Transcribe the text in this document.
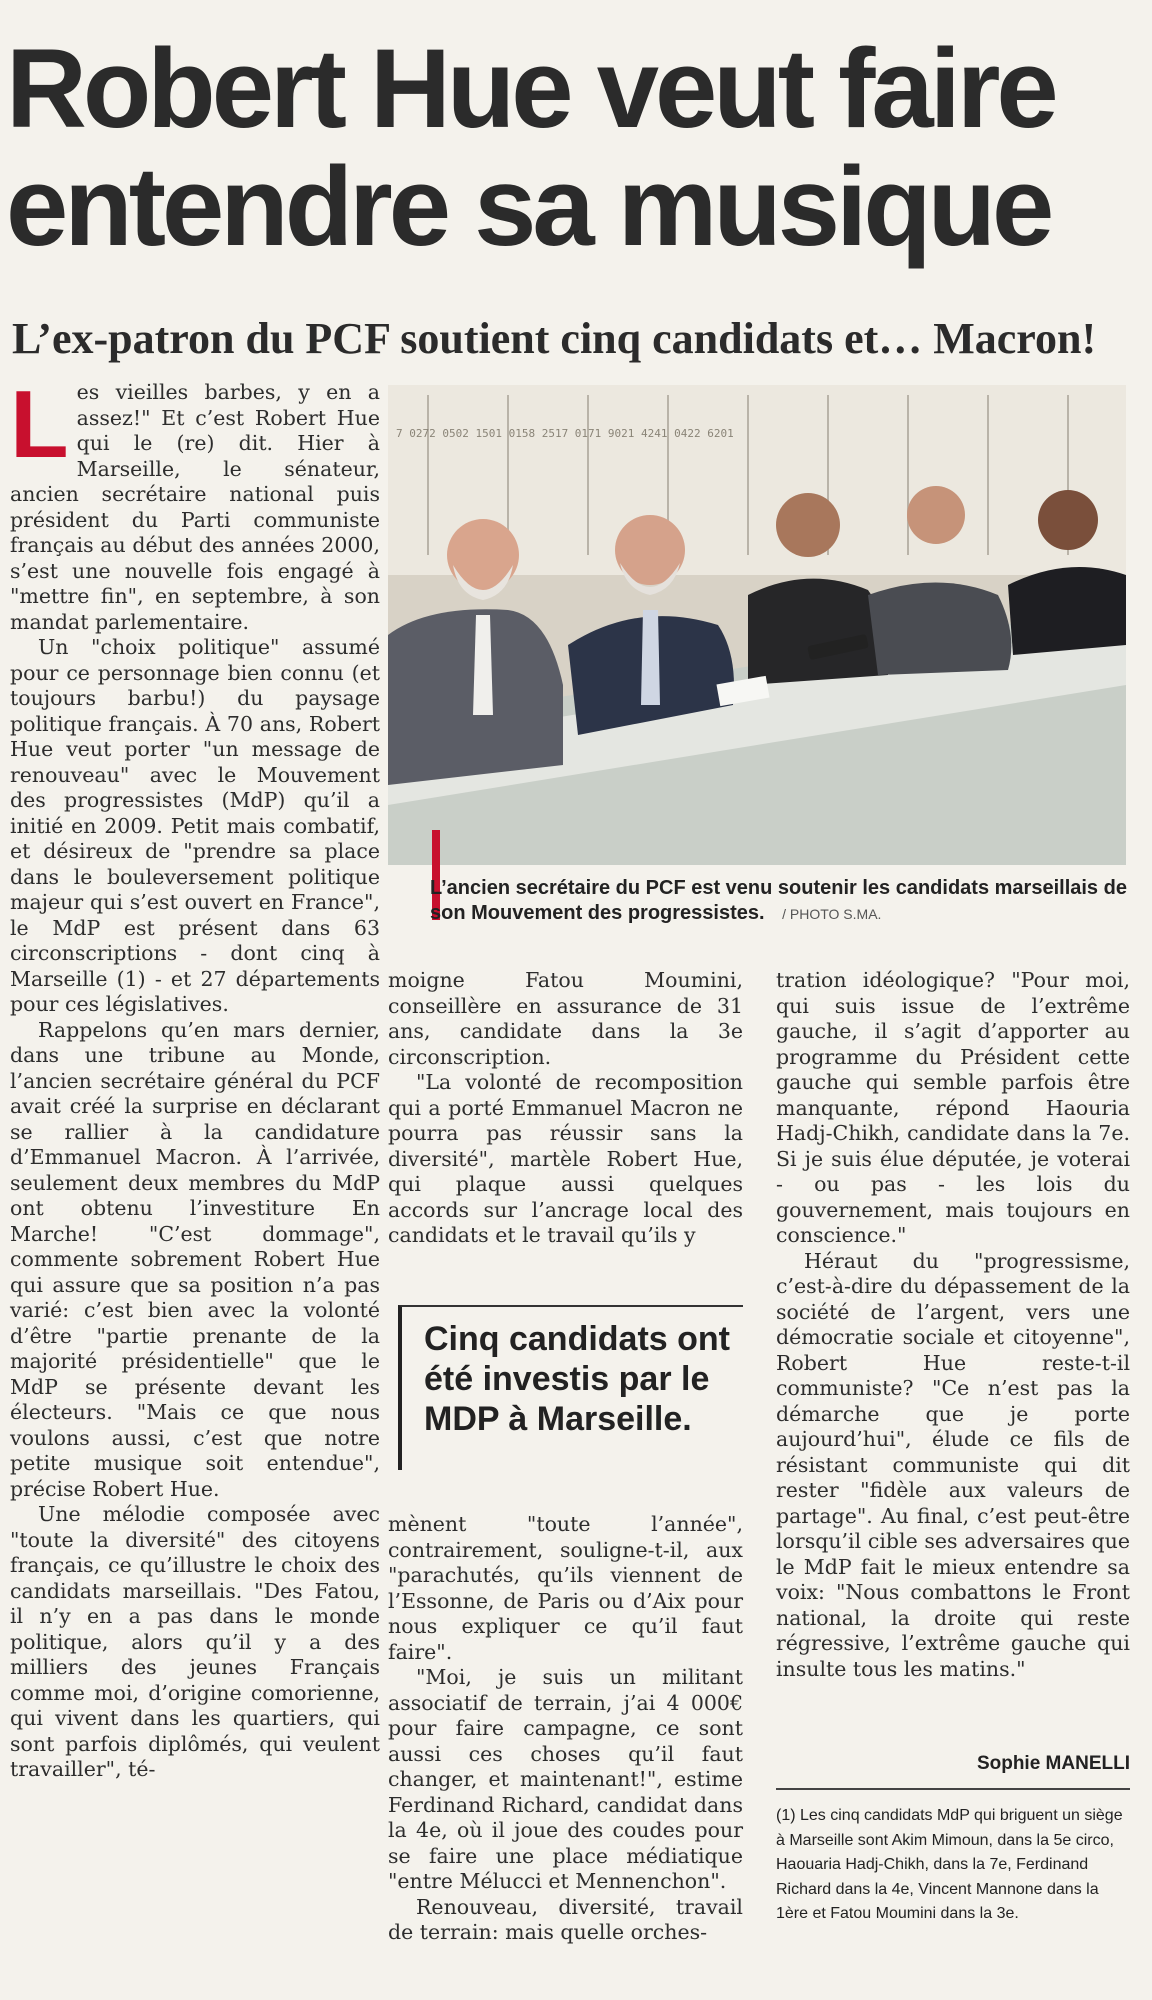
Robert Hue veut faire entendre sa musique
L’ex-patron du PCF soutient cinq candidats et… Macron!
L es vieilles barbes, y en a assez!" Et c’est Robert Hue qui le (re) dit. Hier à Marseille, le sénateur, ancien secrétaire national puis président du Parti communiste français au début des années 2000, s’est une nouvelle fois engagé à "mettre fin", en septembre, à son mandat parlementaire.

Un "choix politique" assumé pour ce personnage bien connu (et toujours barbu!) du paysage politique français. À 70 ans, Robert Hue veut porter "un message de renouveau" avec le Mouvement des progressistes (MdP) qu’il a initié en 2009. Petit mais combatif, et désireux de "prendre sa place dans le bouleversement politique majeur qui s’est ouvert en France", le MdP est présent dans 63 circonscriptions - dont cinq à Marseille (1) - et 27 départements pour ces législatives.

Rappelons qu’en mars dernier, dans une tribune au Monde, l’ancien secrétaire général du PCF avait créé la surprise en déclarant se rallier à la candidature d’Emmanuel Macron. À l’arrivée, seulement deux membres du MdP ont obtenu l’investiture En Marche! "C’est dommage", commente sobrement Robert Hue qui assure que sa position n’a pas varié: c’est bien avec la volonté d’être "partie prenante de la majorité présidentielle" que le MdP se présente devant les électeurs. "Mais ce que nous voulons aussi, c’est que notre petite musique soit entendue", précise Robert Hue.

Une mélodie composée avec "toute la diversité" des citoyens français, ce qu’illustre le choix des candidats marseillais. "Des Fatou, il n’y en a pas dans le monde politique, alors qu’il y a des milliers des jeunes Français comme moi, d’origine comorienne, qui vivent dans les quartiers, qui sont parfois diplômés, qui veulent travailler", té-

7 0272 0502 1501 0158 2517 0171 9021 4241 0422 6201
L’ancien secrétaire du PCF est venu soutenir les candidats marseillais de son Mouvement des progressistes. / PHOTO S.MA.

moigne Fatou Moumini, conseillère en assurance de 31 ans, candidate dans la 3e circonscription.

"La volonté de recomposition qui a porté Emmanuel Macron ne pourra pas réussir sans la diversité", martèle Robert Hue, qui plaque aussi quelques accords sur l’ancrage local des candidats et le travail qu’ils y

Cinq candidats ont été investis par le MDP à Marseille.

mènent "toute l’année", contrairement, souligne-t-il, aux "parachutés, qu’ils viennent de l’Essonne, de Paris ou d’Aix pour nous expliquer ce qu’il faut faire".

"Moi, je suis un militant associatif de terrain, j’ai 4 000€ pour faire campagne, ce sont aussi ces choses qu’il faut changer, et maintenant!", estime Ferdinand Richard, candidat dans la 4e, où il joue des coudes pour se faire une place médiatique "entre Mélucci et Mennenchon".

Renouveau, diversité, travail de terrain: mais quelle orches-

tration idéologique? "Pour moi, qui suis issue de l’extrême gauche, il s’agit d’apporter au programme du Président cette gauche qui semble parfois être manquante, répond Haouria Hadj-Chikh, candidate dans la 7e. Si je suis élue députée, je voterai - ou pas - les lois du gouvernement, mais toujours en conscience."

Héraut du "progressisme, c’est-à-dire du dépassement de la société de l’argent, vers une démocratie sociale et citoyenne", Robert Hue reste-t-il communiste? "Ce n’est pas la démarche que je porte aujourd’hui", élude ce fils de résistant communiste qui dit rester "fidèle aux valeurs de partage". Au final, c’est peut-être lorsqu’il cible ses adversaires que le MdP fait le mieux entendre sa voix: "Nous combattons le Front national, la droite qui reste régressive, l’extrême gauche qui insulte tous les matins."

Sophie MANELLI
(1) Les cinq candidats MdP qui briguent un siège à Marseille sont Akim Mimoun, dans la 5e circo, Haouaria Hadj-Chikh, dans la 7e, Ferdinand Richard dans la 4e, Vincent Mannone dans la 1ère et Fatou Moumini dans la 3e.
